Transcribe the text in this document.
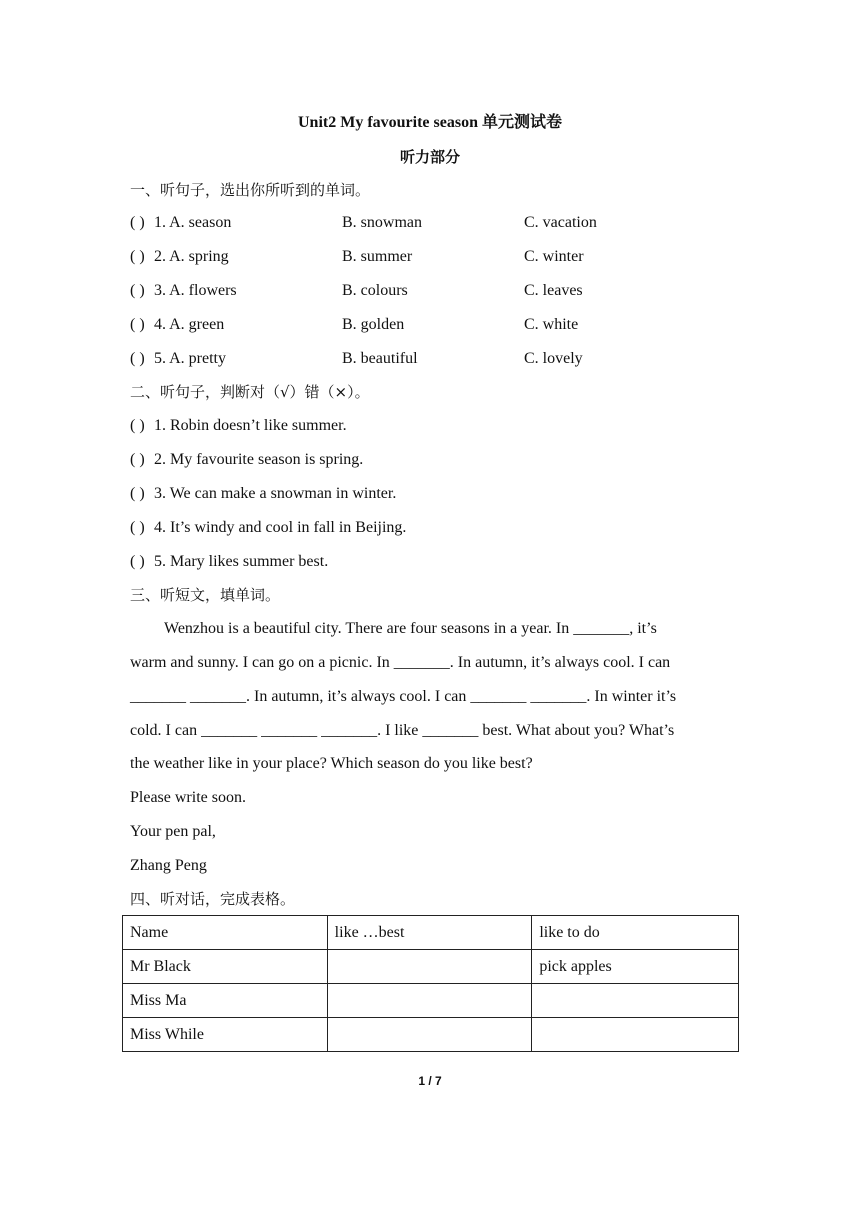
Unit2 My favourite season 单元测试卷
听力部分
一、听句子，选出你所听到的单词。
( ) 1. A. season	B. snowman	C. vacation
( ) 2. A. spring	B. summer	C. winter
( ) 3. A. flowers	B. colours	C. leaves
( ) 4. A. green	B. golden	C. white
( ) 5. A. pretty	B. beautiful	C. lovely
二、听句子，判断对（√）错（×）。
( ) 1. Robin doesn’t like summer.
( ) 2. My favourite season is spring.
( ) 3. We can make a snowman in winter.
( ) 4. It’s windy and cool in fall in Beijing.
( ) 5. Mary likes summer best.
三、听短文，填单词。
Wenzhou is a beautiful city. There are four seasons in a year. In _______, it’s
warm and sunny. I can go on a picnic. In _______. In autumn, it’s always cool. I can
_______ _______. In autumn, it’s always cool. I can _______ _______. In winter it’s
cold. I can _______ _______ _______. I like _______ best. What about you? What’s
the weather like in your place? Which season do you like best?
Please write soon.
Your pen pal,
Zhang Peng
四、听对话，完成表格。
Name	like …best	like to do
Mr Black		pick apples
Miss Ma		
Miss While		
1 / 7
